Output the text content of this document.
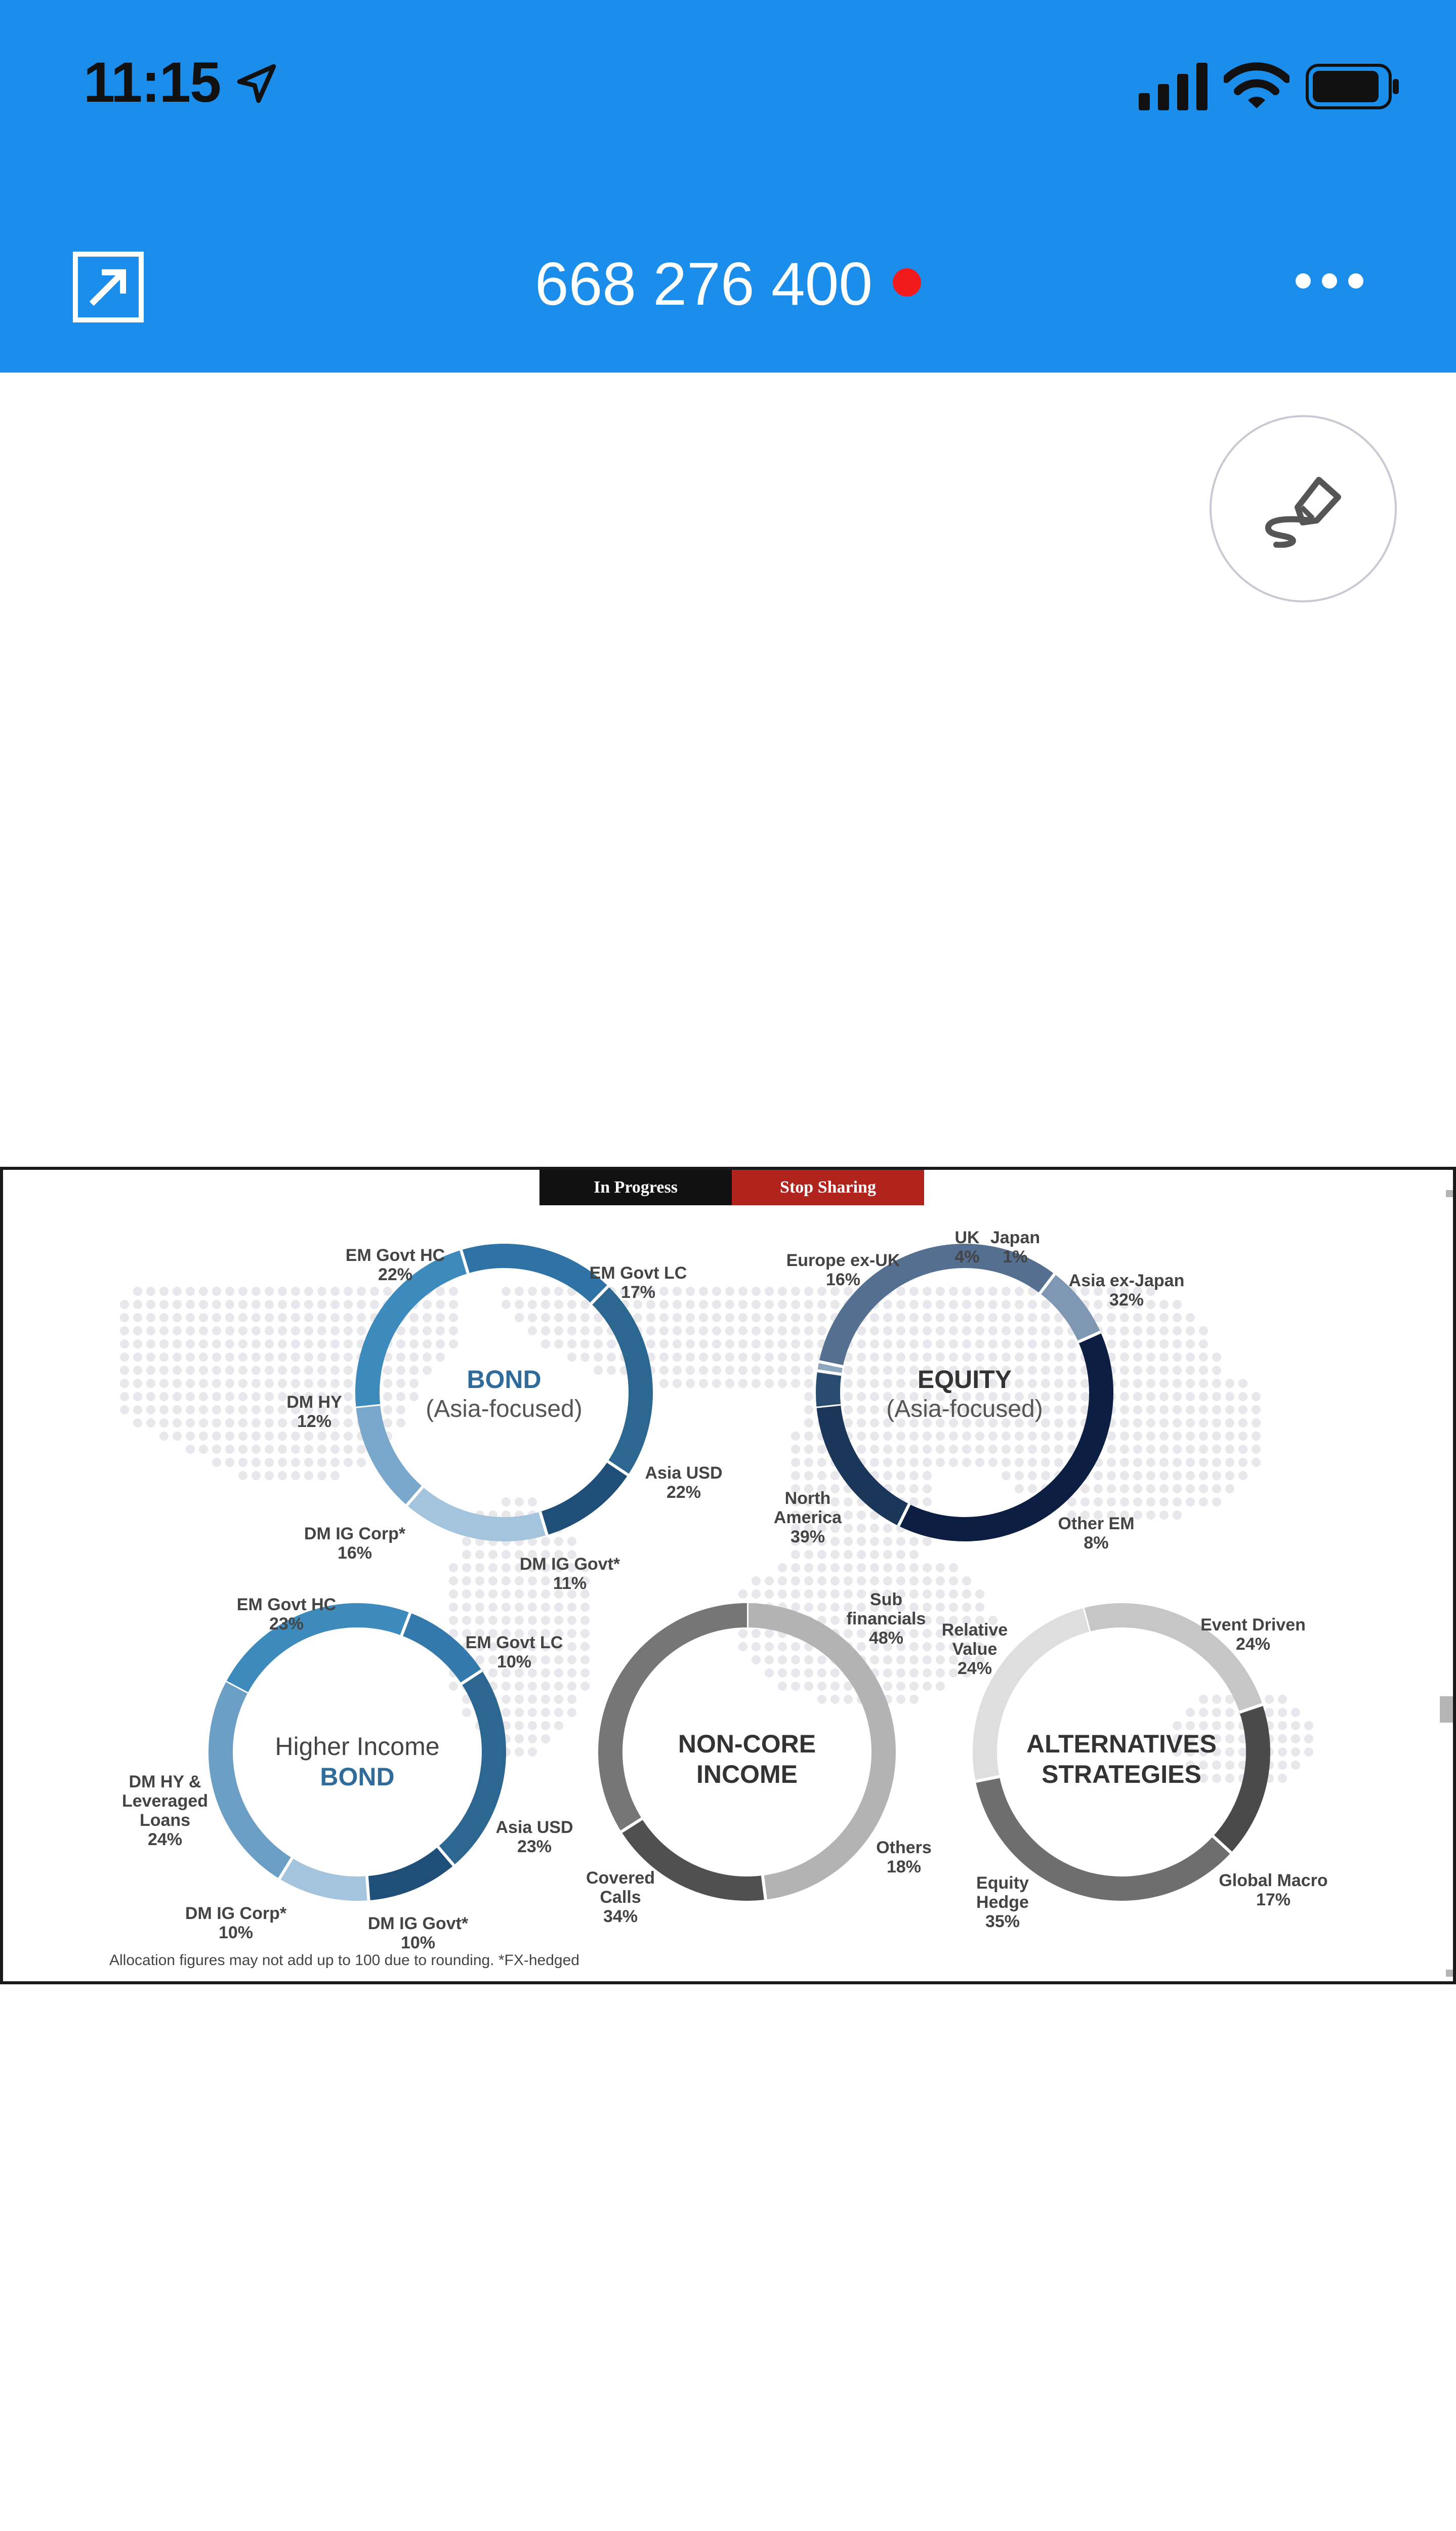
11:15
668 276 400
EM Govt HC
22%	EM Govt LC
17%
Asia USD
22%
DM IG Govt*
11%
DM IG Corp*
16%
DM HY
12%
BOND
(Asia-focused)
UK
4%
Japan
1%
Asia ex-Japan
32%
Other EM
8%
North
America
39%
Europe ex-UK
16%
EQUITY
(Asia-focused)
EM Govt HC
23%
EM Govt LC
10%
Asia USD
23%
DM IG Govt*
10%
DM IG Corp*
10%
DM HY &
Leveraged
Loans
24%
Higher Income
BOND
Sub
financials
48%
Others
18%
Covered
Calls
34%
NON-CORE
INCOME
Event Driven
24%
Global Macro
17%
Equity
Hedge
35%
Relative
Value
24%
ALTERNATIVES
STRATEGIES
In Progress	Stop Sharing
Allocation figures may not add up to 100 due to rounding. *FX-hedged
